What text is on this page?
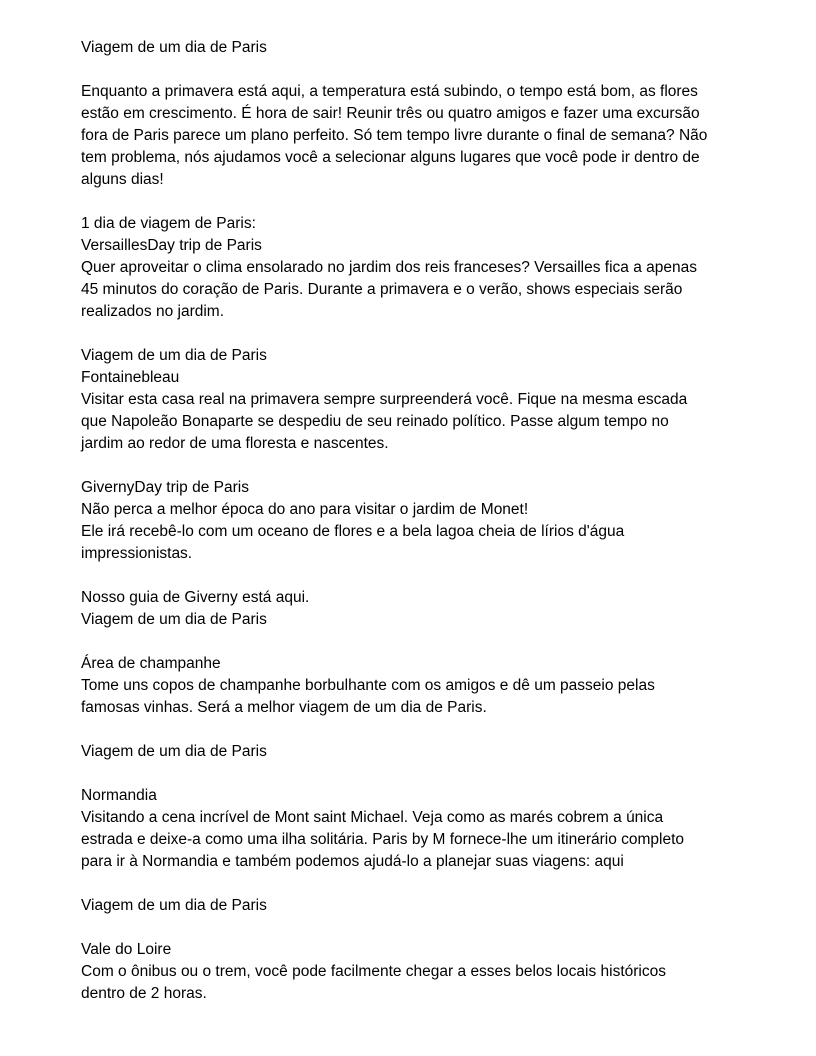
Viagem de um dia de Paris
Enquanto a primavera está aqui, a temperatura está subindo, o tempo está bom, as flores
estão em crescimento. É hora de sair! Reunir três ou quatro amigos e fazer uma excursão
fora de Paris parece um plano perfeito. Só tem tempo livre durante o final de semana? Não
tem problema, nós ajudamos você a selecionar alguns lugares que você pode ir dentro de
alguns dias!
1 dia de viagem de Paris:
VersaillesDay trip de Paris
Quer aproveitar o clima ensolarado no jardim dos reis franceses? Versailles fica a apenas
45 minutos do coração de Paris. Durante a primavera e o verão, shows especiais serão
realizados no jardim.
Viagem de um dia de Paris
Fontainebleau
Visitar esta casa real na primavera sempre surpreenderá você. Fique na mesma escada
que Napoleão Bonaparte se despediu de seu reinado político. Passe algum tempo no
jardim ao redor de uma floresta e nascentes.
GivernyDay trip de Paris
Não perca a melhor época do ano para visitar o jardim de Monet!
Ele irá recebê-lo com um oceano de flores e a bela lagoa cheia de lírios d'água
impressionistas.
Nosso guia de Giverny está aqui.
Viagem de um dia de Paris
Área de champanhe
Tome uns copos de champanhe borbulhante com os amigos e dê um passeio pelas
famosas vinhas. Será a melhor viagem de um dia de Paris.
Viagem de um dia de Paris
Normandia
Visitando a cena incrível de Mont saint Michael. Veja como as marés cobrem a única
estrada e deixe-a como uma ilha solitária. Paris by M fornece-lhe um itinerário completo
para ir à Normandia e também podemos ajudá-lo a planejar suas viagens: aqui
Viagem de um dia de Paris
Vale do Loire
Com o ônibus ou o trem, você pode facilmente chegar a esses belos locais históricos
dentro de 2 horas.
